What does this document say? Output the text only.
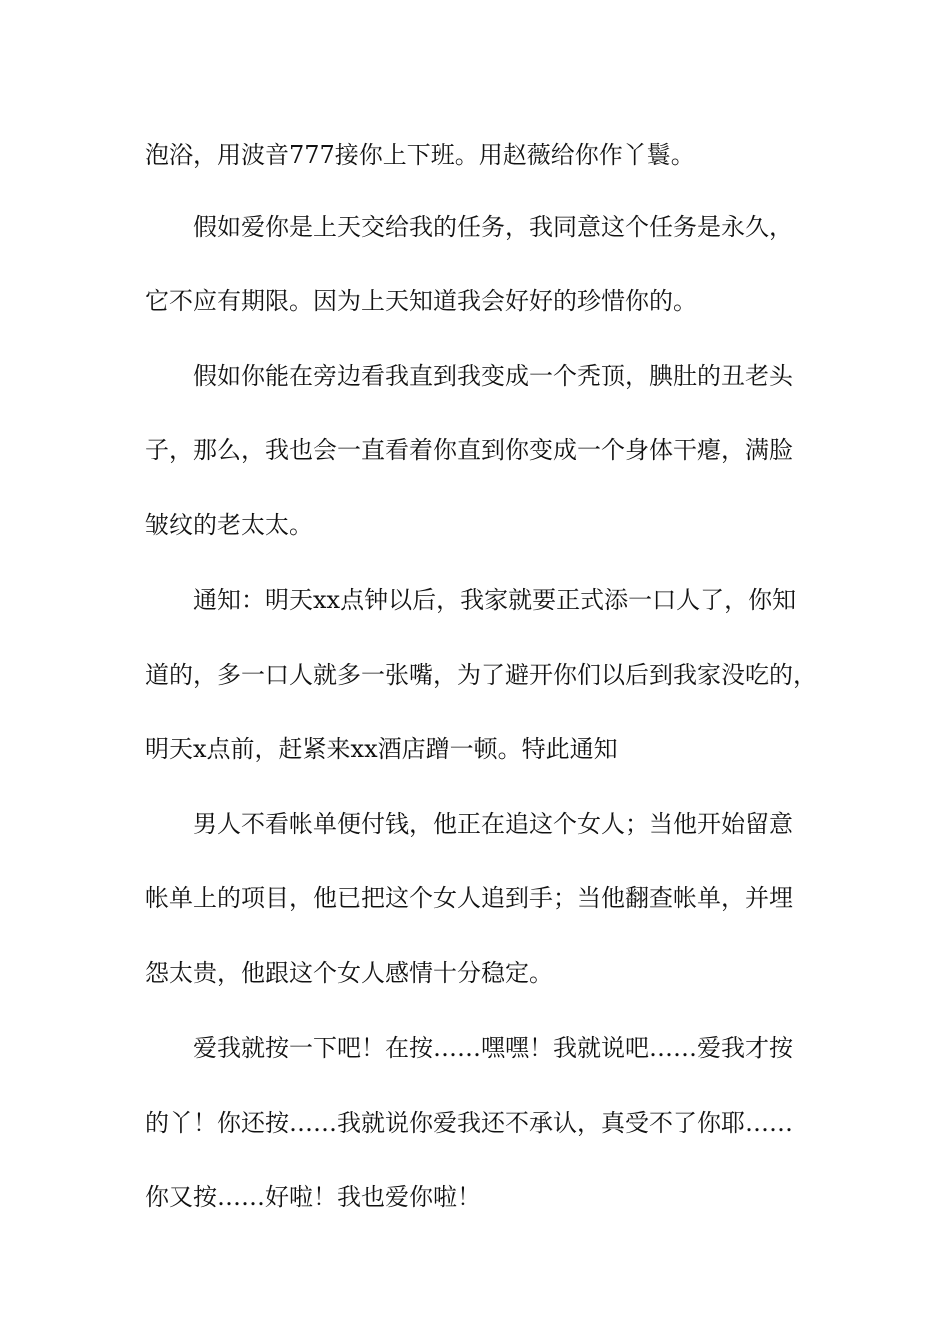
泡浴，用波音777接你上下班。用赵薇给你作丫鬟。
假如爱你是上天交给我的任务，我同意这个任务是永久，
它不应有期限。因为上天知道我会好好的珍惜你的。
假如你能在旁边看我直到我变成一个秃顶，腆肚的丑老头
子，那么，我也会一直看着你直到你变成一个身体干瘪，满脸
皱纹的老太太。
通知：明天xx点钟以后，我家就要正式添一口人了，你知
道的，多一口人就多一张嘴，为了避开你们以后到我家没吃的，
明天x点前，赶紧来xx酒店蹭一顿。特此通知
男人不看帐单便付钱，他正在追这个女人；当他开始留意
帐单上的项目，他已把这个女人追到手；当他翻查帐单，并埋
怨太贵，他跟这个女人感情十分稳定。
爱我就按一下吧！在按……嘿嘿！我就说吧……爱我才按
的丫！你还按……我就说你爱我还不承认，真受不了你耶……
你又按……好啦！我也爱你啦！
